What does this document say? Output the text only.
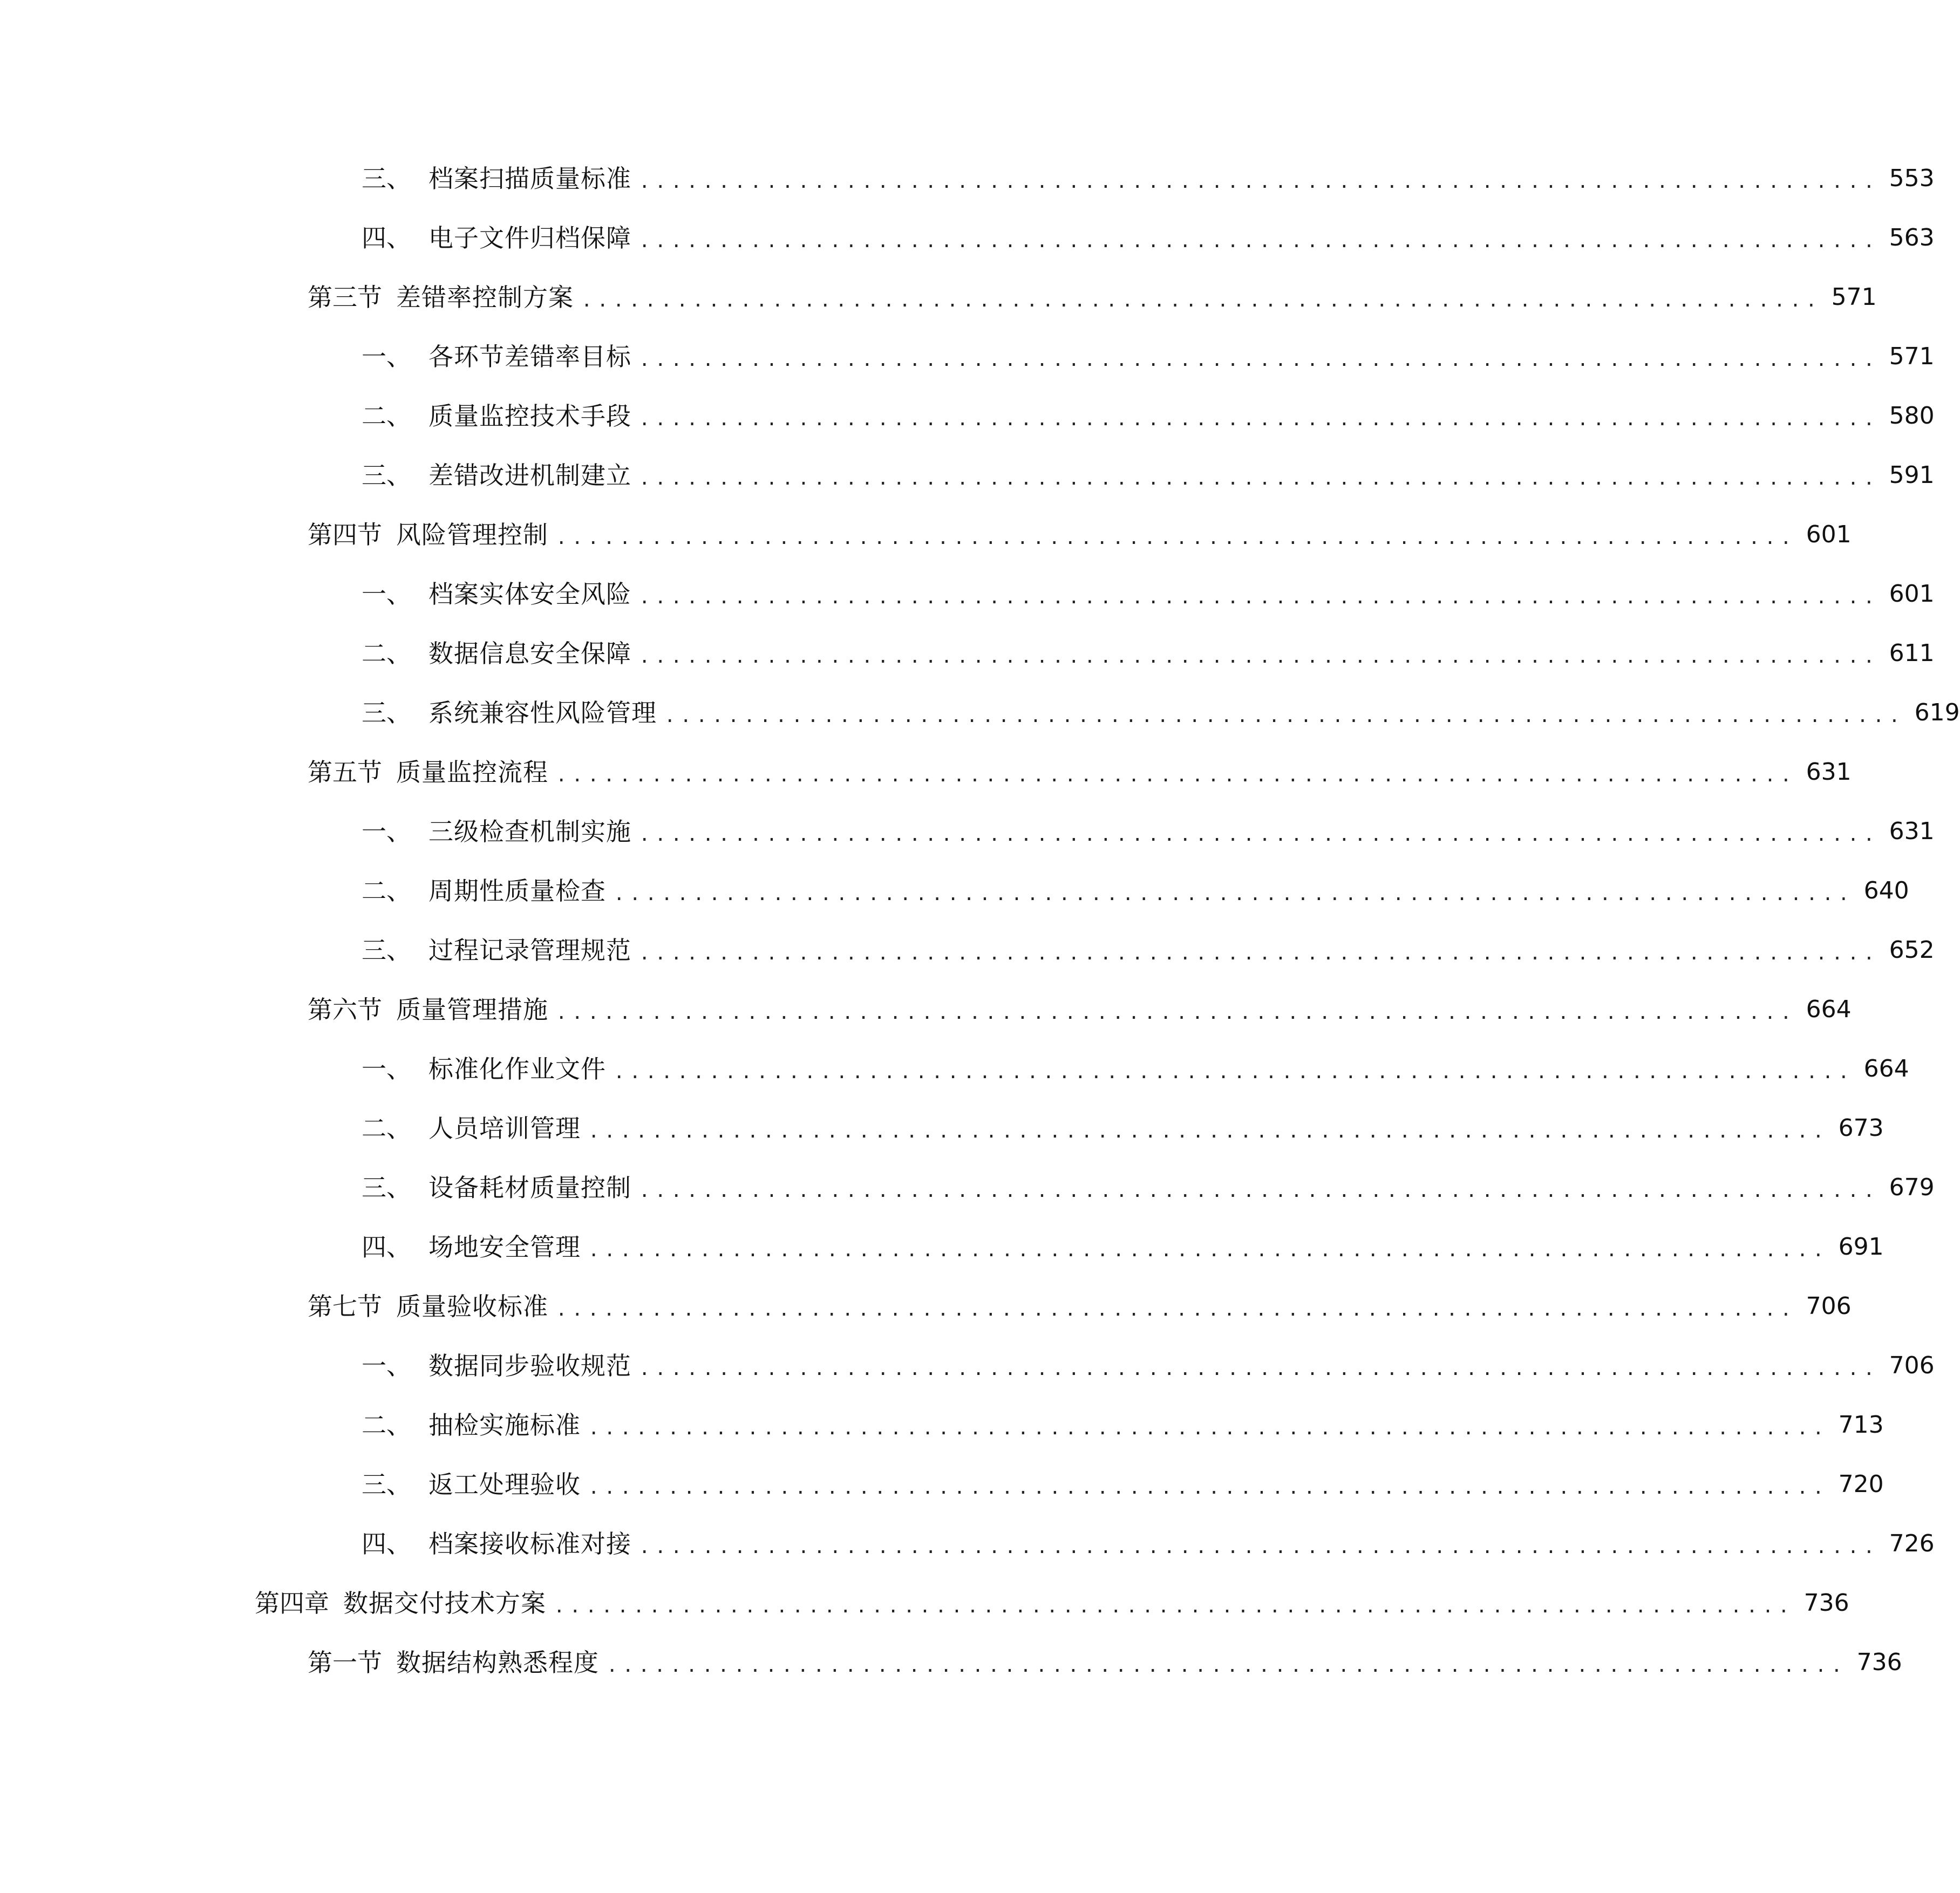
三、 档案扫描质量标准 .............................................................................. 553
四、 电子文件归档保障 .............................................................................. 563
第三节 差错率控制方案 .............................................................................. 571
一、 各环节差错率目标 .............................................................................. 571
二、 质量监控技术手段 .............................................................................. 580
三、 差错改进机制建立 .............................................................................. 591
第四节 风险管理控制 .............................................................................. 601
一、 档案实体安全风险 .............................................................................. 601
二、 数据信息安全保障 .............................................................................. 611
三、 系统兼容性风险管理 .............................................................................. 619
第五节 质量监控流程 .............................................................................. 631
一、 三级检查机制实施 .............................................................................. 631
二、 周期性质量检查 .............................................................................. 640
三、 过程记录管理规范 .............................................................................. 652
第六节 质量管理措施 .............................................................................. 664
一、 标准化作业文件 .............................................................................. 664
二、 人员培训管理 .............................................................................. 673
三、 设备耗材质量控制 .............................................................................. 679
四、 场地安全管理 .............................................................................. 691
第七节 质量验收标准 .............................................................................. 706
一、 数据同步验收规范 .............................................................................. 706
二、 抽检实施标准 .............................................................................. 713
三、 返工处理验收 .............................................................................. 720
四、 档案接收标准对接 .............................................................................. 726
第四章 数据交付技术方案 .............................................................................. 736
第一节 数据结构熟悉程度 .............................................................................. 736
